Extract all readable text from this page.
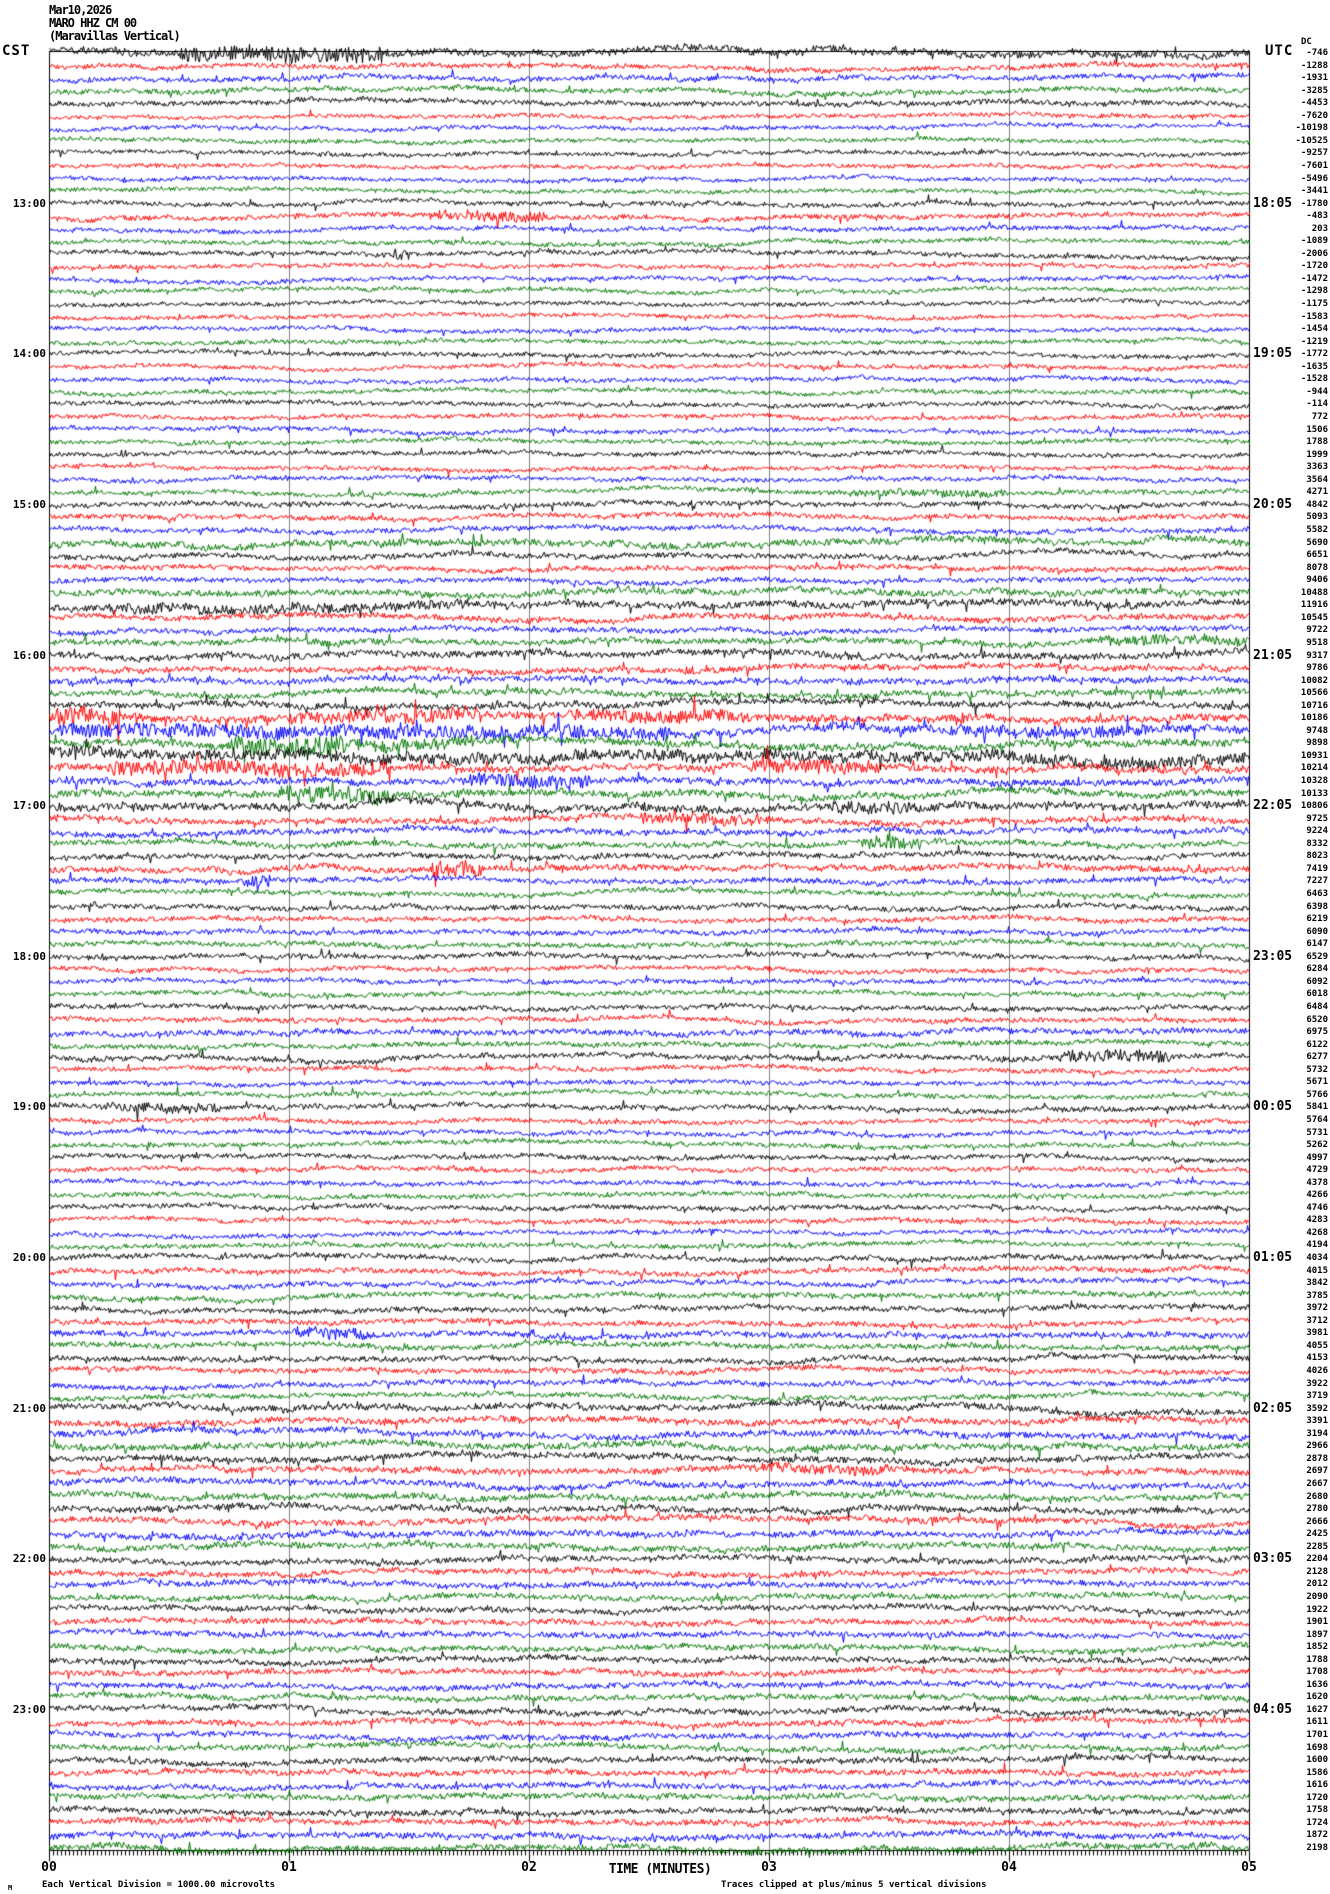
Mar10,2026
MARO HHZ CM 00
(Maravillas Vertical)
CST	UTC
DC
13:00
14:00
15:00
16:00
17:00
18:00
19:00
20:00
21:00
22:00
23:00
18:05
19:05
20:05
21:05
22:05
23:05
00:05
01:05
02:05
03:05
04:05
-746
-1288
-1931
-3285
-4453
-7620
-10198
-10525
-9257
-7601
-5496
-3441
-1780
-483
203
-1089
-2006
-1720
-1472
-1298
-1175
-1583
-1454
-1219
-1772
-1635
-1528
-944
-114
772
1506
1788
1999
3363
3564
4271
4842
5093
5582
5690
6651
8078
9406
10488
11916
10545
9722
9518
9317
9786
10082
10566
10716
10186
9748
9898
10931
10214
10328
10133
10806
9725
9224
8332
8023
7419
7227
6463
6398
6219
6090
6147
6529
6284
6092
6018
6484
6520
6975
6122
6277
5732
5671
5766
5841
5764
5731
5262
4997
4729
4378
4266
4746
4283
4268
4194
4034
4015
3842
3785
3972
3712
3981
4055
4153
4026
3922
3719
3592
3391
3194
2966
2878
2697
2667
2680
2780
2666
2425
2285
2204
2128
2012
2090
1922
1901
1897
1852
1788
1708
1636
1620
1627
1611
1701
1698
1600
1586
1616
1720
1758
1724
1872
2198
TIME (MINUTES)
00	01	02	03	04	05
M	Each Vertical Division = 1000.00 microvolts	Traces clipped at plus/minus 5 vertical divisions
